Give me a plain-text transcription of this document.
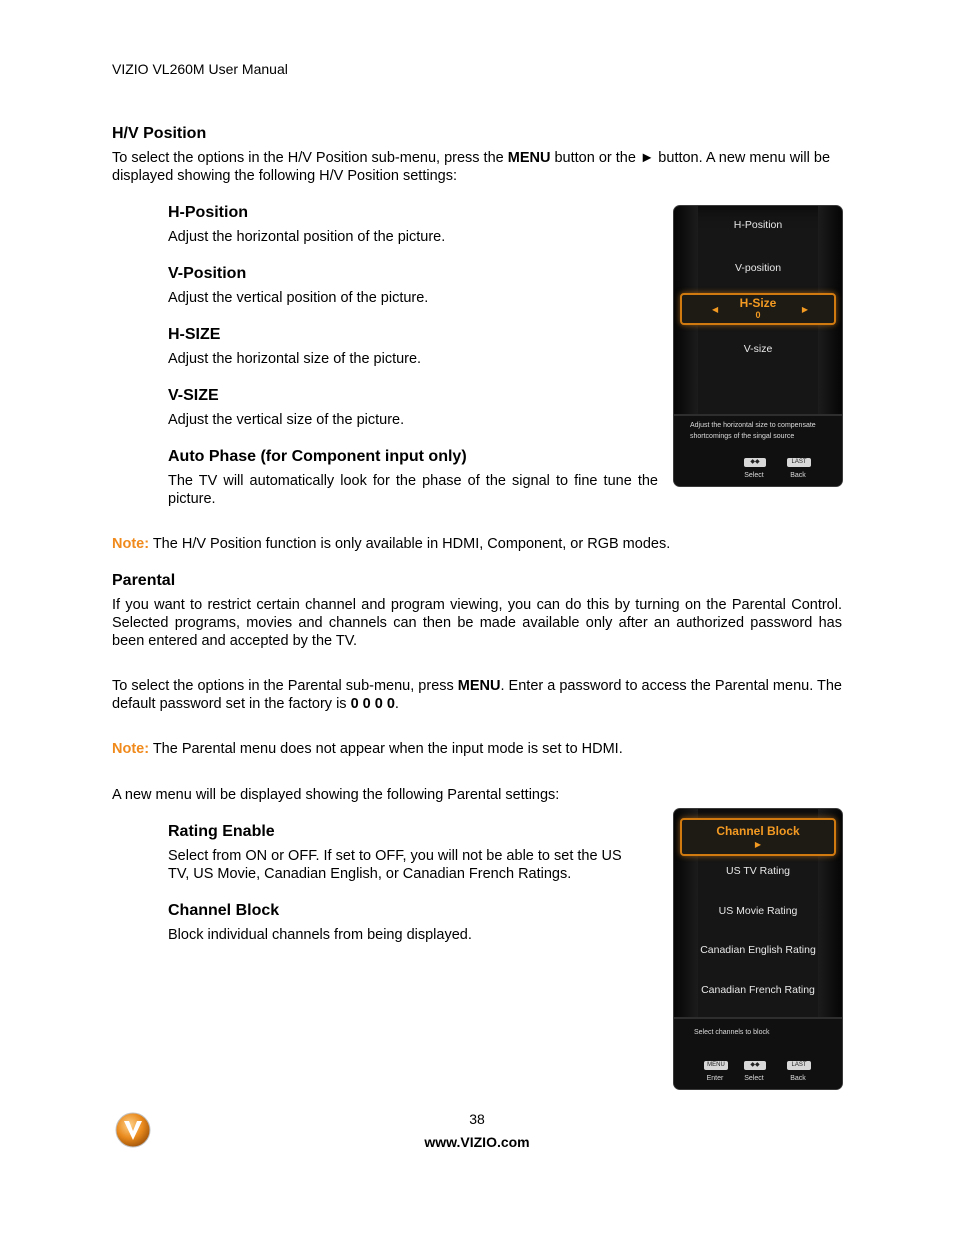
VIZIO VL260M User Manual
H/V Position
To select the options in the H/V Position sub-menu, press the MENU button or the ► button. A new menu will be displayed showing the following H/V Position settings:
H-Position
Adjust the horizontal position of the picture.
V-Position
Adjust the vertical position of the picture.
H-SIZE
Adjust the horizontal size of the picture.
V-SIZE
Adjust the vertical size of the picture.
Auto Phase (for Component input only)
The TV will automatically look for the phase of the signal to fine tune the picture.
H-Position
V-position
H-Size
0
◀	▶
V-size
Adjust the horizontal size to compensate
shortcomings of the singal source
◆◆	LAST
Select	Back
Note: The H/V Position function is only available in HDMI, Component, or RGB modes.
Parental
If you want to restrict certain channel and program viewing, you can do this by turning on the Parental Control. Selected programs, movies and channels can then be made available only after an authorized password has been entered and accepted by the TV.
To select the options in the Parental sub-menu, press MENU. Enter a password to access the Parental menu. The default password set in the factory is 0 0 0 0.
Note: The Parental menu does not appear when the input mode is set to HDMI.
A new menu will be displayed showing the following Parental settings:
Rating Enable
Select from ON or OFF. If set to OFF, you will not be able to set the US TV, US Movie, Canadian English, or Canadian French Ratings.
Channel Block
Block individual channels from being displayed.
Channel Block
▶
US TV Rating
US Movie Rating
Canadian English Rating
Canadian French Rating
Select channels to block
MENU	◆◆	LAST
Enter	Select	Back
38
www.VIZIO.com
